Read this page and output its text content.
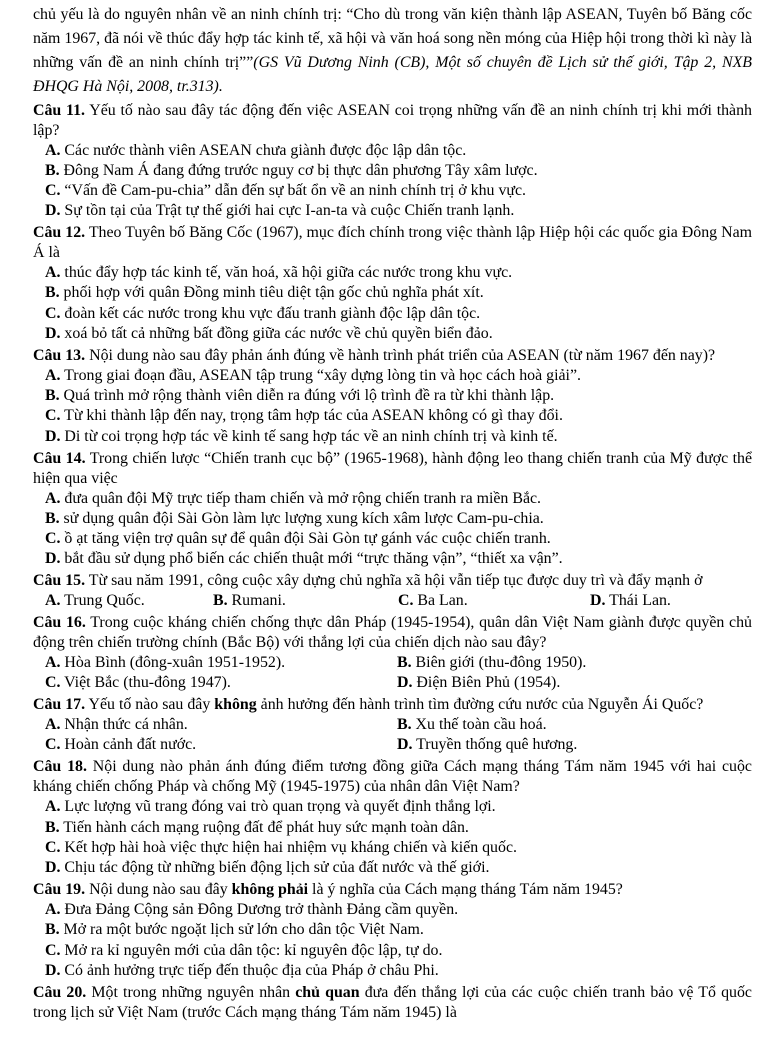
chủ yếu là do nguyên nhân về an ninh chính trị: “Cho dù trong văn kiện thành lập ASEAN, Tuyên bố Băng cốc năm 1967, đã nói về thúc đẩy hợp tác kinh tế, xã hội và văn hoá song nền móng của Hiệp hội trong thời kì này là những vấn đề an ninh chính trị””(GS Vũ Dương Ninh (CB), Một số chuyên đề Lịch sử thế giới, Tập 2, NXB ĐHQG Hà Nội, 2008, tr.313).

Câu 11. Yếu tố nào sau đây tác động đến việc ASEAN coi trọng những vấn đề an ninh chính trị khi mới thành lập?

A. Các nước thành viên ASEAN chưa giành được độc lập dân tộc.
B. Đông Nam Á đang đứng trước nguy cơ bị thực dân phương Tây xâm lược.
C. “Vấn đề Cam-pu-chia” dẫn đến sự bất ổn về an ninh chính trị ở khu vực.
D. Sự tồn tại của Trật tự thế giới hai cực I-an-ta và cuộc Chiến tranh lạnh.

Câu 12. Theo Tuyên bố Băng Cốc (1967), mục đích chính trong việc thành lập Hiệp hội các quốc gia Đông Nam Á là

A. thúc đẩy hợp tác kinh tế, văn hoá, xã hội giữa các nước trong khu vực.
B. phối hợp với quân Đồng minh tiêu diệt tận gốc chủ nghĩa phát xít.
C. đoàn kết các nước trong khu vực đấu tranh giành độc lập dân tộc.
D. xoá bỏ tất cả những bất đồng giữa các nước về chủ quyền biển đảo.

Câu 13. Nội dung nào sau đây phản ánh đúng về hành trình phát triển của ASEAN (từ năm 1967 đến nay)?

A. Trong giai đoạn đầu, ASEAN tập trung “xây dựng lòng tin và học cách hoà giải”.
B. Quá trình mở rộng thành viên diễn ra đúng với lộ trình đề ra từ khi thành lập.
C. Từ khi thành lập đến nay, trọng tâm hợp tác của ASEAN không có gì thay đổi.
D. Di từ coi trọng hợp tác về kinh tế sang hợp tác về an ninh chính trị và kinh tế.

Câu 14. Trong chiến lược “Chiến tranh cục bộ” (1965-1968), hành động leo thang chiến tranh của Mỹ được thể hiện qua việc

A. đưa quân đội Mỹ trực tiếp tham chiến và mở rộng chiến tranh ra miền Bắc.
B. sử dụng quân đội Sài Gòn làm lực lượng xung kích xâm lược Cam-pu-chia.
C. ồ ạt tăng viện trợ quân sự để quân đội Sài Gòn tự gánh vác cuộc chiến tranh.
D. bắt đầu sử dụng phổ biến các chiến thuật mới “trực thăng vận”, “thiết xa vận”.

Câu 15. Từ sau năm 1991, công cuộc xây dựng chủ nghĩa xã hội vẫn tiếp tục được duy trì và đẩy mạnh ở

A. Trung Quốc.	B. Rumani.	C. Ba Lan.	D. Thái Lan.

Câu 16. Trong cuộc kháng chiến chống thực dân Pháp (1945-1954), quân dân Việt Nam giành được quyền chủ động trên chiến trường chính (Bắc Bộ) với thắng lợi của chiến dịch nào sau đây?

A. Hòa Bình (đông-xuân 1951-1952).	B. Biên giới (thu-đông 1950).
C. Việt Bắc (thu-đông 1947).	D. Điện Biên Phủ (1954).

Câu 17. Yếu tố nào sau đây không ảnh hưởng đến hành trình tìm đường cứu nước của Nguyễn Ái Quốc?

A. Nhận thức cá nhân.	B. Xu thế toàn cầu hoá.
C. Hoàn cảnh đất nước.	D. Truyền thống quê hương.

Câu 18. Nội dung nào phản ánh đúng điểm tương đồng giữa Cách mạng tháng Tám năm 1945 với hai cuộc kháng chiến chống Pháp và chống Mỹ (1945-1975) của nhân dân Việt Nam?

A. Lực lượng vũ trang đóng vai trò quan trọng và quyết định thắng lợi.
B. Tiến hành cách mạng ruộng đất để phát huy sức mạnh toàn dân.
C. Kết hợp hài hoà việc thực hiện hai nhiệm vụ kháng chiến và kiến quốc.
D. Chịu tác động từ những biến động lịch sử của đất nước và thế giới.

Câu 19. Nội dung nào sau đây không phải là ý nghĩa của Cách mạng tháng Tám năm 1945?

A. Đưa Đảng Cộng sản Đông Dương trở thành Đảng cầm quyền.
B. Mở ra một bước ngoặt lịch sử lớn cho dân tộc Việt Nam.
C. Mở ra kỉ nguyên mới của dân tộc: kỉ nguyên độc lập, tự do.
D. Có ảnh hưởng trực tiếp đến thuộc địa của Pháp ở châu Phi.

Câu 20. Một trong những nguyên nhân chủ quan đưa đến thắng lợi của các cuộc chiến tranh bảo vệ Tổ quốc trong lịch sử Việt Nam (trước Cách mạng tháng Tám năm 1945) là
